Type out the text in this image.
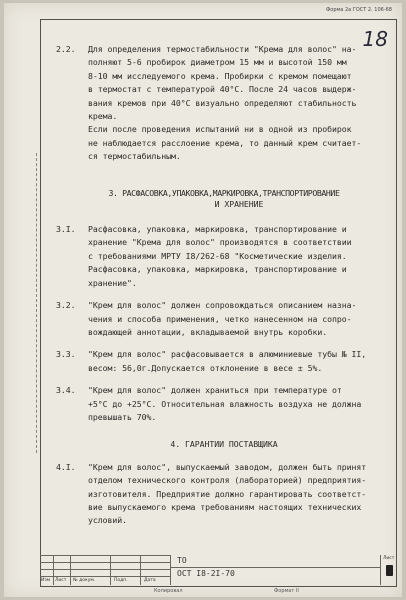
Форма 2а ГОСТ 2. 106-68
18
2.2. Для определения термостабильности "Крема для волос" на-
полняют 5-6 пробирок диаметром 15 мм и высотой 150 мм
8-10 мм исследуемого крема. Пробирки с кремом помещают
в термостат с температурой 40°С. После 24 часов выдерж-
вания кремов при 40°С визуально определяют стабильность
крема.
Если после проведения испытаний ни в одной из пробирок
не наблюдается расслоение крема, то данный крем считает-
ся термостабильным.
3. РАСФАСОВКА,УПАКОВКА,МАРКИРОВКА,ТРАНСПОРТИРОВАНИЕ
И ХРАНЕНИЕ
3.I. Расфасовка, упаковка, маркировка, транспортирование и
хранение "Крема для волос" производятся в соответствии
с требованиями МРТУ I8/262-68 "Косметические изделия.
Расфасовка, упаковка, маркировка, транспортирование и
хранение".
3.2. "Крем для волос" должен сопровождаться описанием назна-
чения и способа применения, четко нанесенном на сопро-
вождающей аннотации, вкладываемой внутрь коробки.
3.3. "Крем для волос" расфасовывается в алюминиевые тубы № II,
весом: 56,0г.Допускается отклонение в весе ± 5%.
3.4. "Крем для волос" должен храниться при температуре от
+5°С до +25°С. Относительная влажность воздуха не должна
превышать 70%.
4. ГАРАНТИИ ПОСТАВЩИКА
4.I. "Крем для волос", выпускаемый заводом, должен быть принят
отделом технического контроля (лабораторией) предприятия-
изготовителя. Предприятие должно гарантировать соответст-
вие выпускаемого крема требованиям настоящих технических
условий.
Изм Лист № докум.	Подп.	Дата
ТО
ОСТ I8-2I-70
Лист
Копировал	Формат II
